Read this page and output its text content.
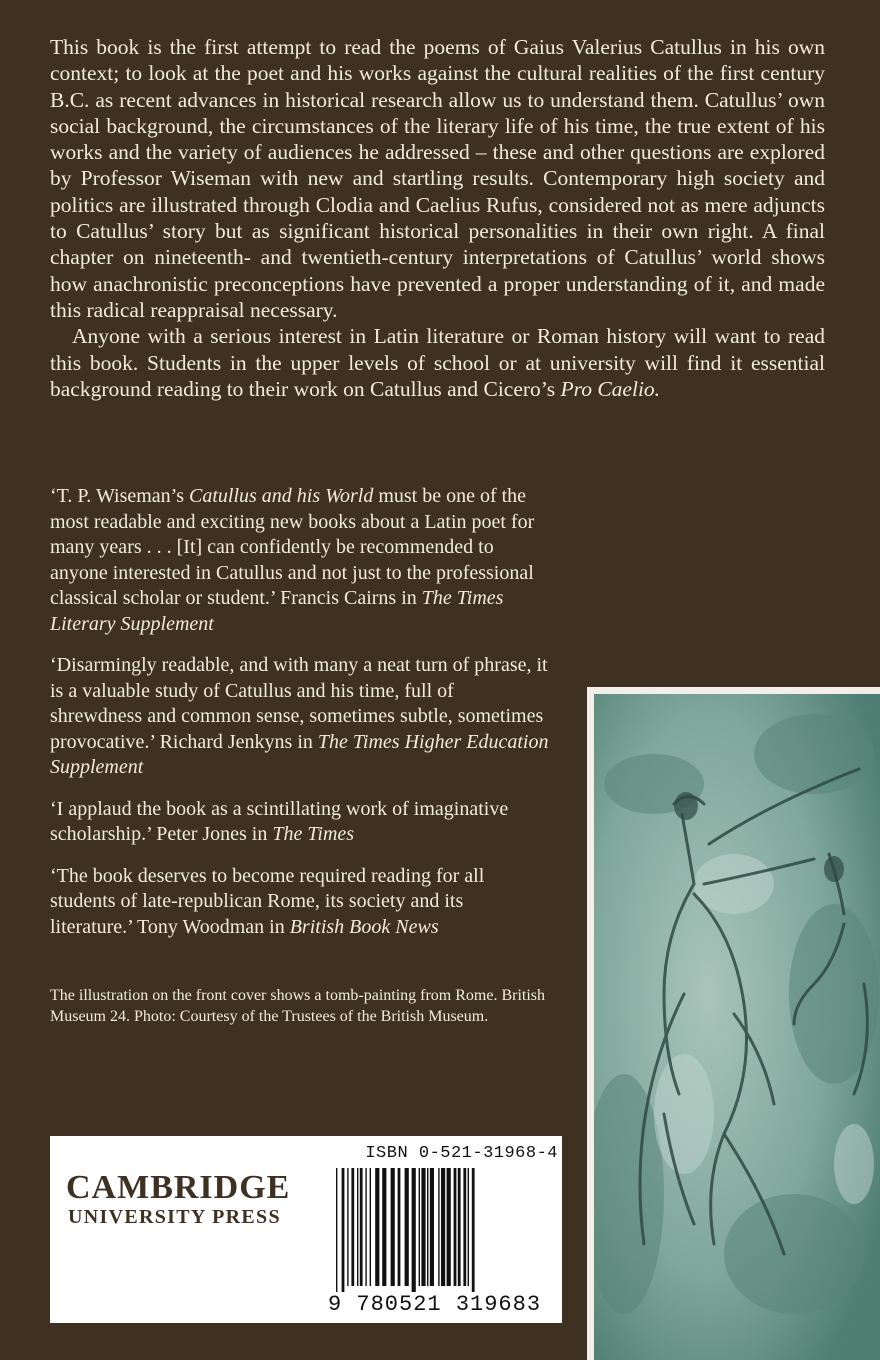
This book is the first attempt to read the poems of Gaius Valerius Catullus in his own context; to look at the poet and his works against the cultural realities of the first century B.C. as recent advances in historical research allow us to understand them. Catullus’ own social background, the circumstances of the literary life of his time, the true extent of his works and the variety of audiences he addressed – these and other questions are explored by Professor Wiseman with new and startling results. Contemporary high society and politics are illustrated through Clodia and Caelius Rufus, considered not as mere adjuncts to Catullus’ story but as significant historical personalities in their own right. A final chapter on nineteenth- and twentieth-century interpretations of Catullus’ world shows how anachronistic preconceptions have prevented a proper understanding of it, and made this radical reappraisal necessary.

Anyone with a serious interest in Latin literature or Roman history will want to read this book. Students in the upper levels of school or at university will find it essential background reading to their work on Catullus and Cicero’s Pro Caelio.

‘T. P. Wiseman’s Catullus and his World must be one of the most readable and exciting new books about a Latin poet for many years . . . [It] can confidently be recommended to anyone interested in Catullus and not just to the professional classical scholar or student.’ Francis Cairns in The Times Literary Supplement

‘Disarmingly readable, and with many a neat turn of phrase, it is a valuable study of Catullus and his time, full of shrewdness and common sense, sometimes subtle, sometimes provocative.’ Richard Jenkyns in The Times Higher Education Supplement

‘I applaud the book as a scintillating work of imaginative scholarship.’ Peter Jones in The Times

‘The book deserves to become required reading for all students of late-republican Rome, its society and its literature.’ Tony Woodman in British Book News

The illustration on the front cover shows a tomb-painting from Rome. British Museum 24. Photo: Courtesy of the Trustees of the British Museum.
CAMBRIDGE
UNIVERSITY PRESS
ISBN 0-521-31968-4
9 780521 319683
